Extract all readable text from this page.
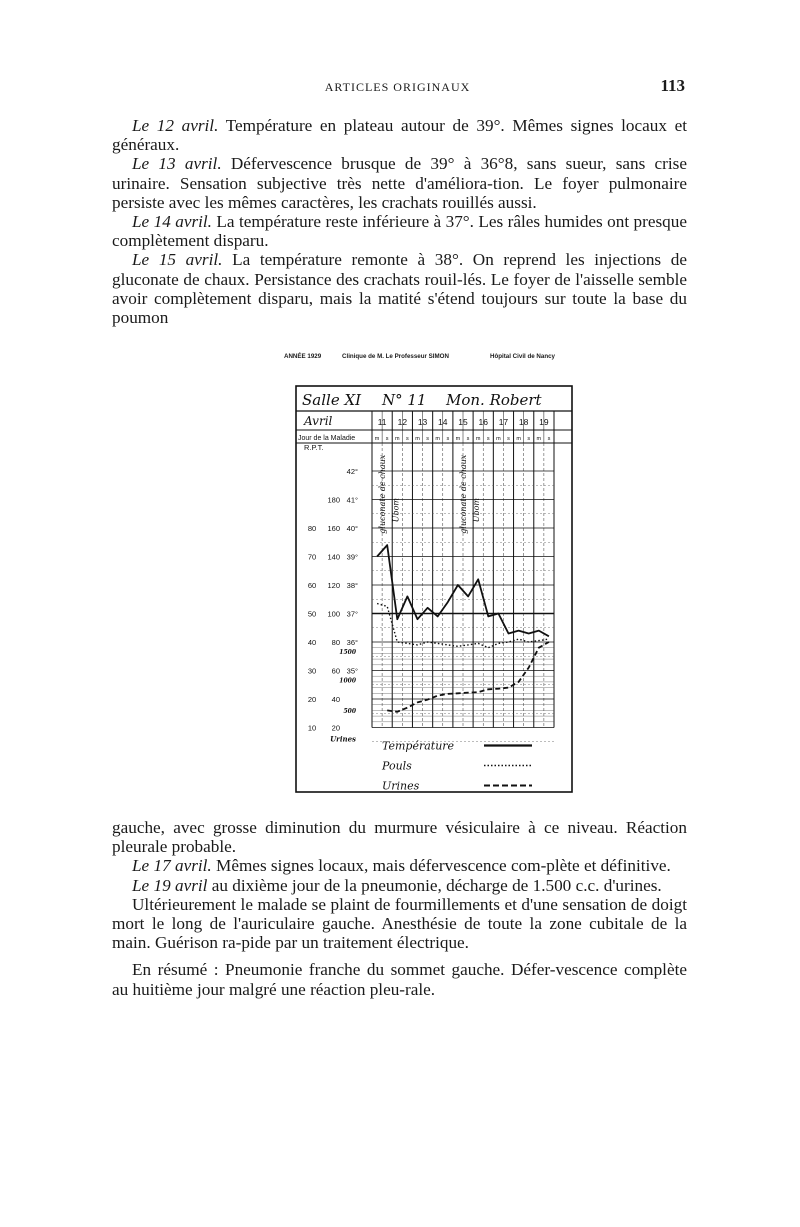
ARTICLES ORIGINAUX	113

Le 12 avril. Température en plateau autour de 39°. Mêmes signes locaux et généraux.

Le 13 avril. Défervescence brusque de 39° à 36°8, sans sueur, sans crise urinaire. Sensation subjective très nette d'améliora-tion. Le foyer pulmonaire persiste avec les mêmes caractères, les crachats rouillés aussi.

Le 14 avril. La température reste inférieure à 37°. Les râles humides ont presque complètement disparu.

Le 15 avril. La température remonte à 38°. On reprend les injections de gluconate de chaux. Persistance des crachats rouil-lés. Le foyer de l'aisselle semble avoir complètement disparu, mais la matité s'étend toujours sur toute la base du poumon

ANNÉE 1929	Clinique de M. Le Professeur SIMON	Hôpital Civil de Nancy
Salle XI N° 11 Mon. Robert
Avril
Jour de la Maladie
11
m s
12
m s
13
m s
14
m s
15
m s
16
m s
17
m s
18
m s
19
m s
R.P.T.
42°
180 41°
80 160 40°
70 140 39°
60 120 38°
50 100 37°
40 80 36°
30 60 35°
20 40
10 20
1500
1000
500
Urines
gluconate de chaux Ubom	gluconate de chaux Ubom
Température
Pouls
Urines

gauche, avec grosse diminution du murmure vésiculaire à ce niveau. Réaction pleurale probable.

Le 17 avril. Mêmes signes locaux, mais défervescence com-plète et définitive.

Le 19 avril au dixième jour de la pneumonie, décharge de 1.500 c.c. d'urines.

Ultérieurement le malade se plaint de fourmillements et d'une sensation de doigt mort le long de l'auriculaire gauche. Anesthésie de toute la zone cubitale de la main. Guérison ra-pide par un traitement électrique.

En résumé : Pneumonie franche du sommet gauche. Défer-vescence complète au huitième jour malgré une réaction pleu-rale.
